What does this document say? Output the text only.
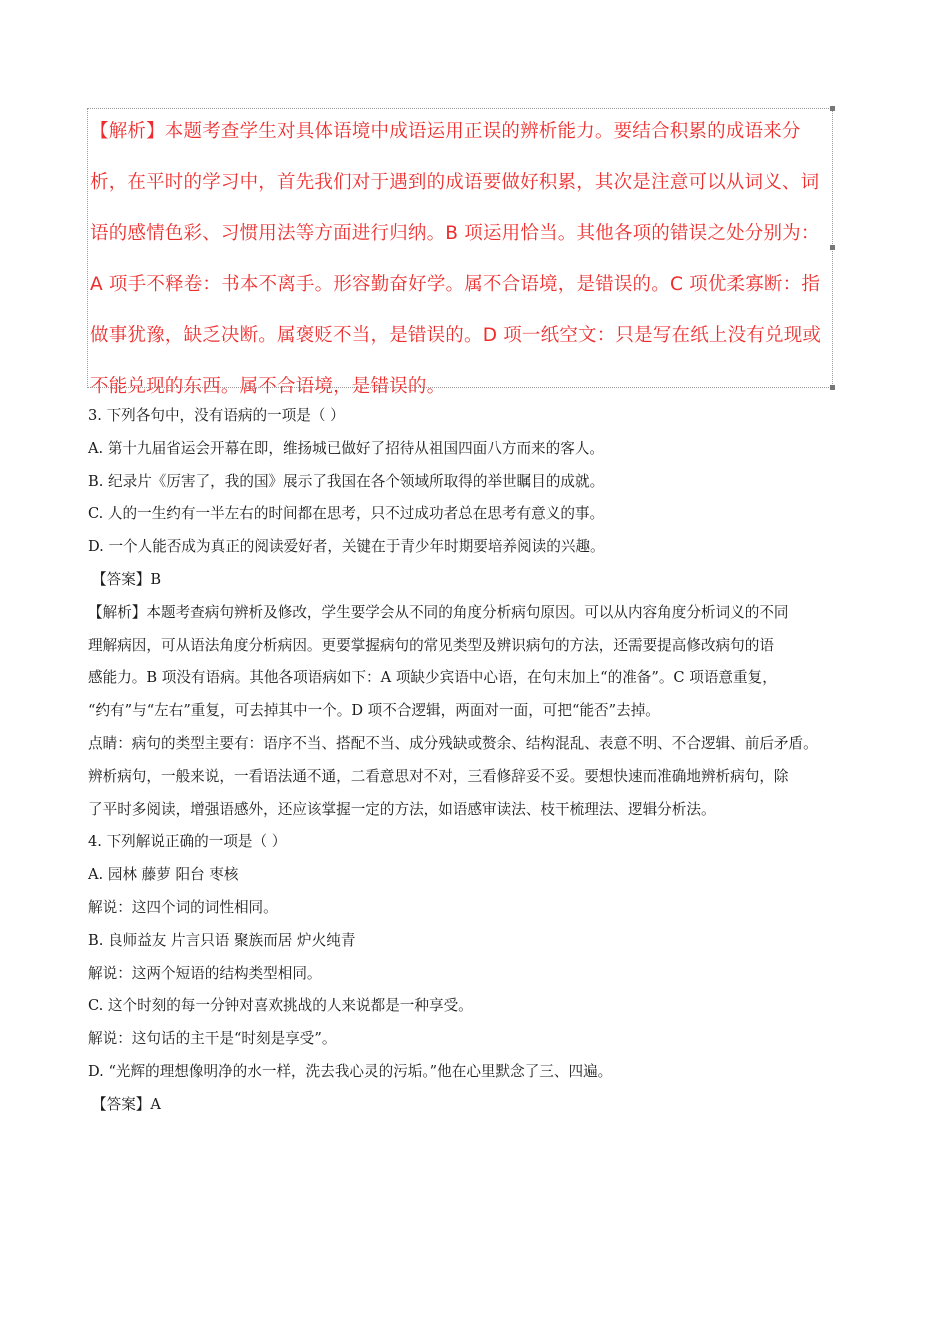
【解析】本题考查学生对具体语境中成语运用正误的辨析能力。要结合积累的成语来分
析，在平时的学习中，首先我们对于遇到的成语要做好积累，其次是注意可以从词义、词
语的感情色彩、习惯用法等方面进行归纳。B 项运用恰当。其他各项的错误之处分别为：
A 项手不释卷：书本不离手。形容勤奋好学。属不合语境，是错误的。C 项优柔寡断：指
做事犹豫，缺乏决断。属褒贬不当，是错误的。D 项一纸空文：只是写在纸上没有兑现或
不能兑现的东西。属不合语境，是错误的。
3. 下列各句中，没有语病的一项是（ ）
A. 第十九届省运会开幕在即，维扬城已做好了招待从祖国四面八方而来的客人。
B. 纪录片《厉害了，我的国》展示了我国在各个领域所取得的举世瞩目的成就。
C. 人的一生约有一半左右的时间都在思考，只不过成功者总在思考有意义的事。
D. 一个人能否成为真正的阅读爱好者，关键在于青少年时期要培养阅读的兴趣。
【答案】B
【解析】本题考查病句辨析及修改，学生要学会从不同的角度分析病句原因。可以从内容角度分析词义的不同
理解病因，可从语法角度分析病因。更要掌握病句的常见类型及辨识病句的方法，还需要提高修改病句的语
感能力。B 项没有语病。其他各项语病如下：A 项缺少宾语中心语，在句末加上“的准备”。C 项语意重复，
“约有”与“左右”重复，可去掉其中一个。D 项不合逻辑，两面对一面，可把“能否”去掉。
点睛：病句的类型主要有：语序不当、搭配不当、成分残缺或赘余、结构混乱、表意不明、不合逻辑、前后矛盾。
辨析病句，一般来说，一看语法通不通，二看意思对不对，三看修辞妥不妥。要想快速而准确地辨析病句，除
了平时多阅读，增强语感外，还应该掌握一定的方法，如语感审读法、枝干梳理法、逻辑分析法。
4. 下列解说正确的一项是（ ）
A. 园林 藤萝 阳台 枣核
解说：这四个词的词性相同。
B. 良师益友 片言只语 聚族而居 炉火纯青
解说：这两个短语的结构类型相同。
C. 这个时刻的每一分钟对喜欢挑战的人来说都是一种享受。
解说：这句话的主干是“时刻是享受”。
D. “光辉的理想像明净的水一样，洗去我心灵的污垢。”他在心里默念了三、四遍。
【答案】A
